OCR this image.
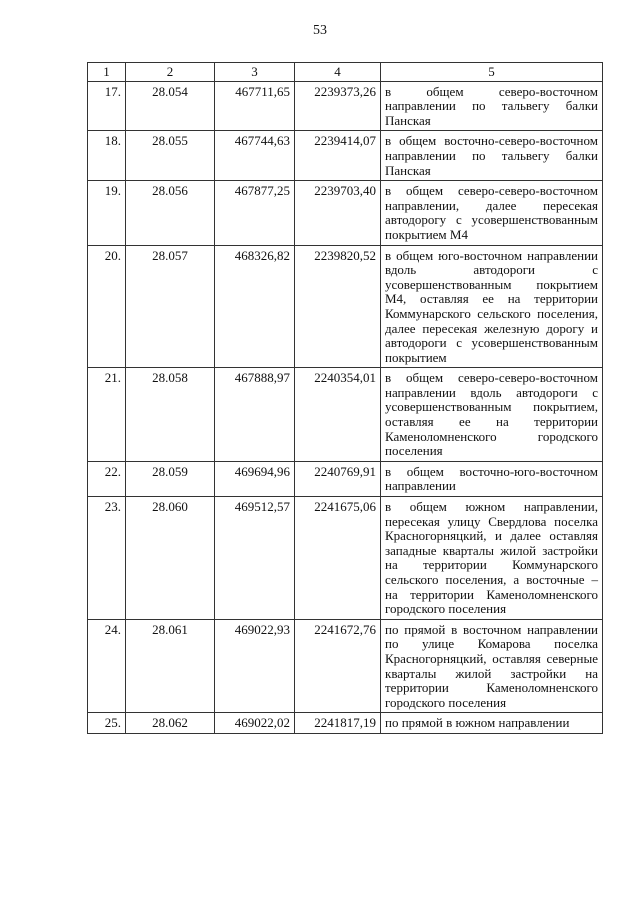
53
1	2	3	4	5
17.	28.054	467711,65	2239373,26	в общем северо-восточном направлении по тальвегу балки Панская
18.	28.055	467744,63	2239414,07	в общем восточно-северо-восточном направлении по тальвегу балки Панская
19.	28.056	467877,25	2239703,40	в общем северо-северо-восточном направлении, далее пересекая автодорогу с усовершенствованным покрытием М4
20.	28.057	468326,82	2239820,52	в общем юго-восточном направлении вдоль автодороги с усовершенствованным покрытием М4, оставляя ее на территории Коммунарского сельского поселения, далее пересекая железную дорогу и автодороги с усовершенствованным покрытием
21.	28.058	467888,97	2240354,01	в общем северо-северо-восточном направлении вдоль автодороги с усовершенствованным покрытием, оставляя ее на территории Каменоломненского городского поселения
22.	28.059	469694,96	2240769,91	в общем восточно-юго-восточном направлении
23.	28.060	469512,57	2241675,06	в общем южном направлении, пересекая улицу Свердлова поселка Красногорняцкий, и далее оставляя западные кварталы жилой застройки на территории Коммунарского сельского поселения, а восточные – на территории Каменоломненского городского поселения
24.	28.061	469022,93	2241672,76	по прямой в восточном направлении по улице Комарова поселка Красногорняцкий, оставляя северные кварталы жилой застройки на территории Каменоломненского городского поселения
25.	28.062	469022,02	2241817,19	по прямой в южном направлении
